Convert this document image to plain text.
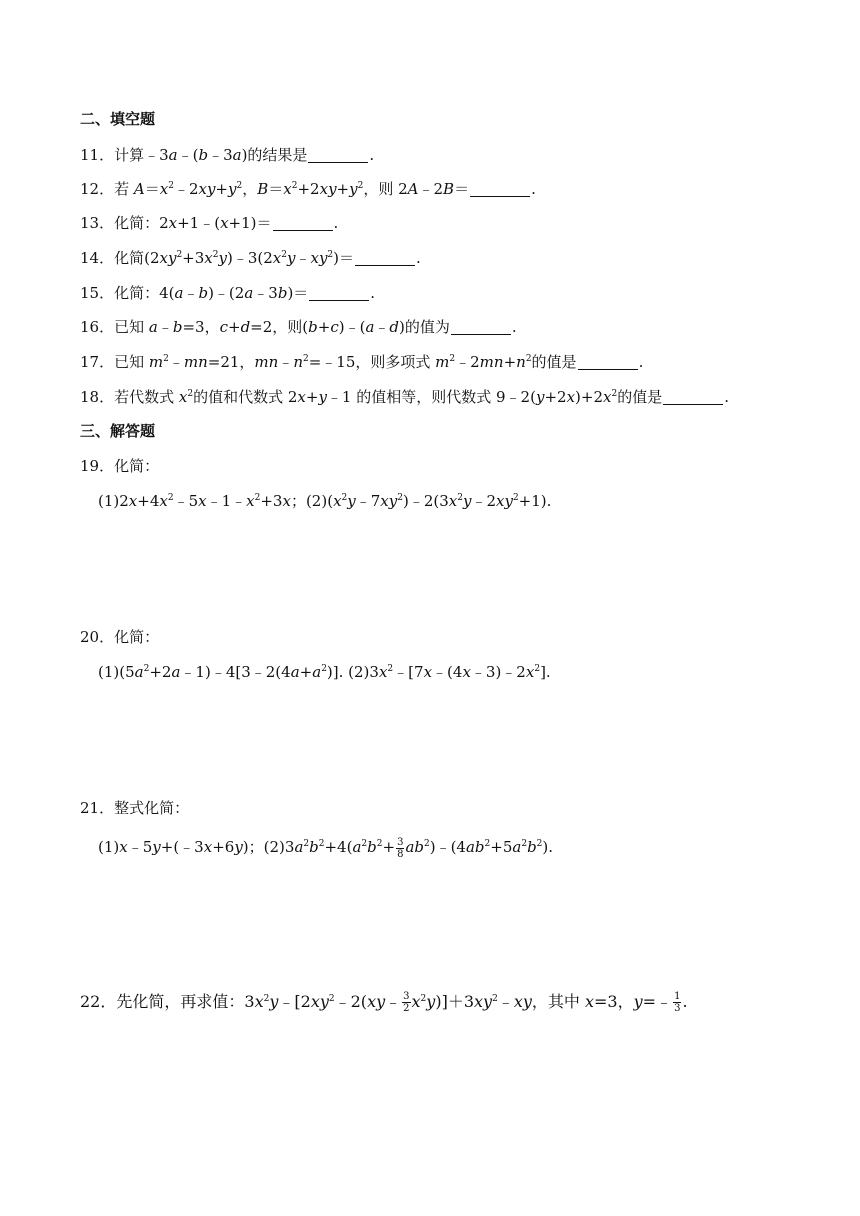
二、填空题
11．计算﹣3a﹣(b﹣3a)的结果是	.
12．若 $A=x^2﹣2xy+y^2$，$B=x^2+2xy+y^2$，则 2A﹣2B＝	.
13．化简：2x+1﹣(x+1)＝	.
14．化简$(2xy^2+3x^2y)﹣3(2x^2y﹣xy^2)=$	.
15．化简：4(a﹣b)﹣(2a﹣3b)＝	.
16．已知 a﹣b=3，c+d=2，则(b+c)﹣(a﹣d)的值为	.
17．已知 $m^2﹣mn=21$，$mn﹣n^2=﹣15$，则多项式 $m^2﹣2mn+n^2$的值是	.
18．若代数式 $x^2$的值和代数式 2x+y﹣1 的值相等，则代数式 $9﹣2(y+2x)+2x^2$的值是	.
三、解答题
19．化简：
$(1)2x+4x^2﹣5x﹣1﹣x^2+3x$；$(2)(x^2y﹣7xy^2)﹣2(3x^2y﹣2xy^2+1)$.
20．化简：
$(1)(5a^2+2a﹣1)﹣4[3﹣2(4a+a^2)]$. $(2)3x^2﹣[7x﹣(4x﹣3)﹣2x^2]$.
21．整式化简：
(1)x﹣5y+(﹣3x+6y)；$(2)3a^2b^2+4(a^2b^2+ \frac{3}{8}$ $ab^2)﹣(4ab^2+5a^2b^2)$.
22．先化简，再求值：$3x^2y﹣[2xy^2﹣2(xy﹣ \frac{3}{2}$ $x^2y)]+3xy^2﹣xy$，其中 x=3，y=﹣ $\frac{1}{3}$ .
